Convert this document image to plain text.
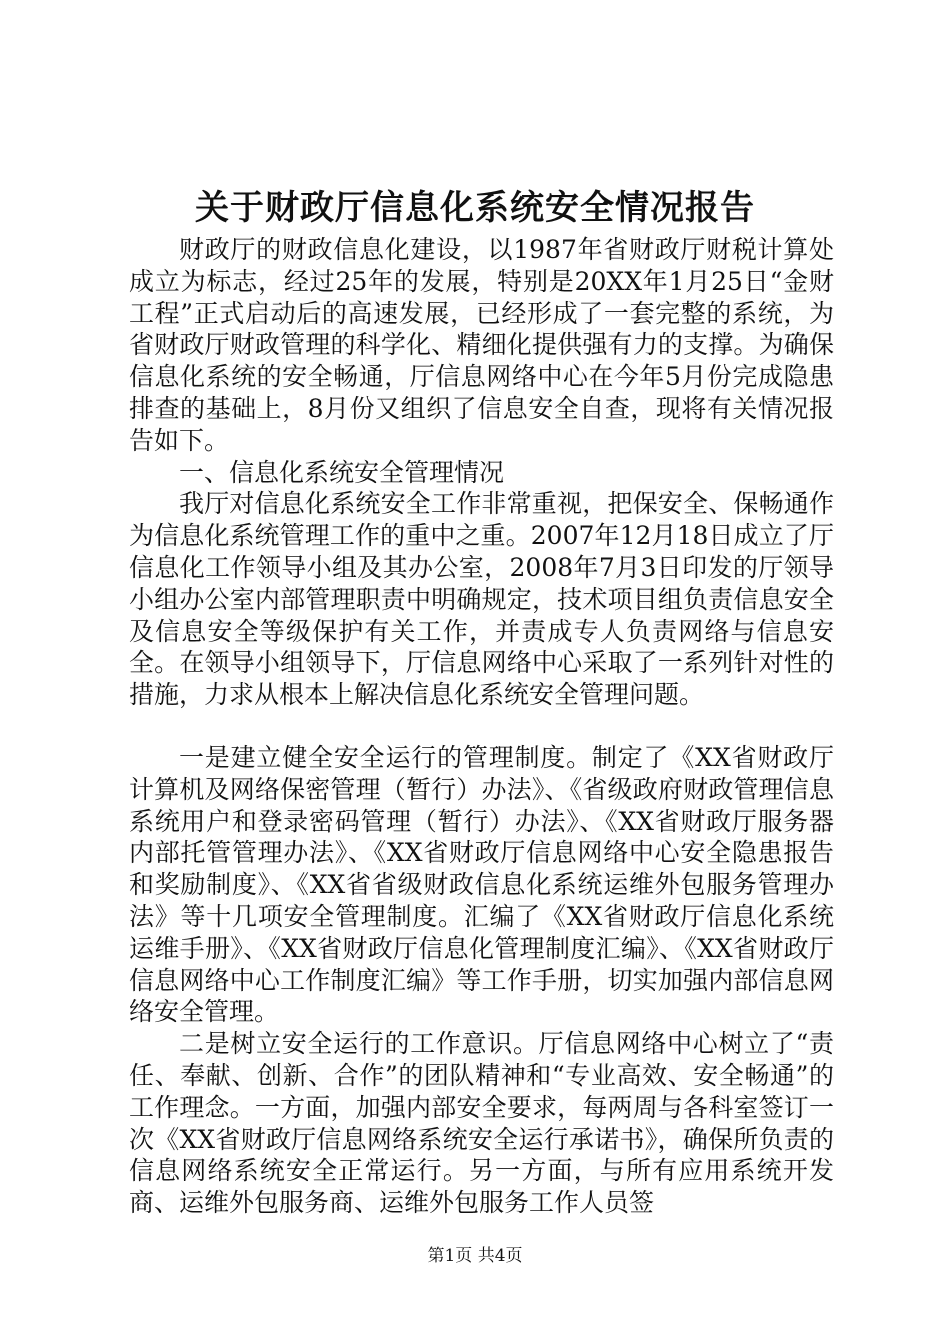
关于财政厅信息化系统安全情况报告

财政厅的财政信息化建设，以1987年省财政厅财税计算处成立为标志，经过25年的发展，特别是20XX年1月25日“金财工程”正式启动后的高速发展，已经形成了一套完整的系统，为省财政厅财政管理的科学化、精细化提供强有力的支撑。为确保信息化系统的安全畅通，厅信息网络中心在今年5月份完成隐患排查的基础上，8月份又组织了信息安全自查，现将有关情况报告如下。

一、信息化系统安全管理情况

我厅对信息化系统安全工作非常重视，把保安全、保畅通作为信息化系统管理工作的重中之重。2007年12月18日成立了厅信息化工作领导小组及其办公室，2008年7月3日印发的厅领导小组办公室内部管理职责中明确规定，技术项目组负责信息安全及信息安全等级保护有关工作，并责成专人负责网络与信息安全。在领导小组领导下，厅信息网络中心采取了一系列针对性的措施，力求从根本上解决信息化系统安全管理问题。

一是建立健全安全运行的管理制度。制定了《XX省财政厅计算机及网络保密管理（暂行）办法》、《省级政府财政管理信息系统用户和登录密码管理（暂行）办法》、《XX省财政厅服务器内部托管管理办法》、《XX省财政厅信息网络中心安全隐患报告和奖励制度》、《XX省省级财政信息化系统运维外包服务管理办法》等十几项安全管理制度。汇编了《XX省财政厅信息化系统运维手册》、《XX省财政厅信息化管理制度汇编》、《XX省财政厅信息网络中心工作制度汇编》等工作手册，切实加强内部信息网络安全管理。

二是树立安全运行的工作意识。厅信息网络中心树立了“责任、奉献、创新、合作”的团队精神和“专业高效、安全畅通”的工作理念。一方面，加强内部安全要求，每两周与各科室签订一次《XX省财政厅信息网络系统安全运行承诺书》，确保所负责的信息网络系统安全正常运行。另一方面，与所有应用系统开发商、运维外包服务商、运维外包服务工作人员签

第1页 共4页
